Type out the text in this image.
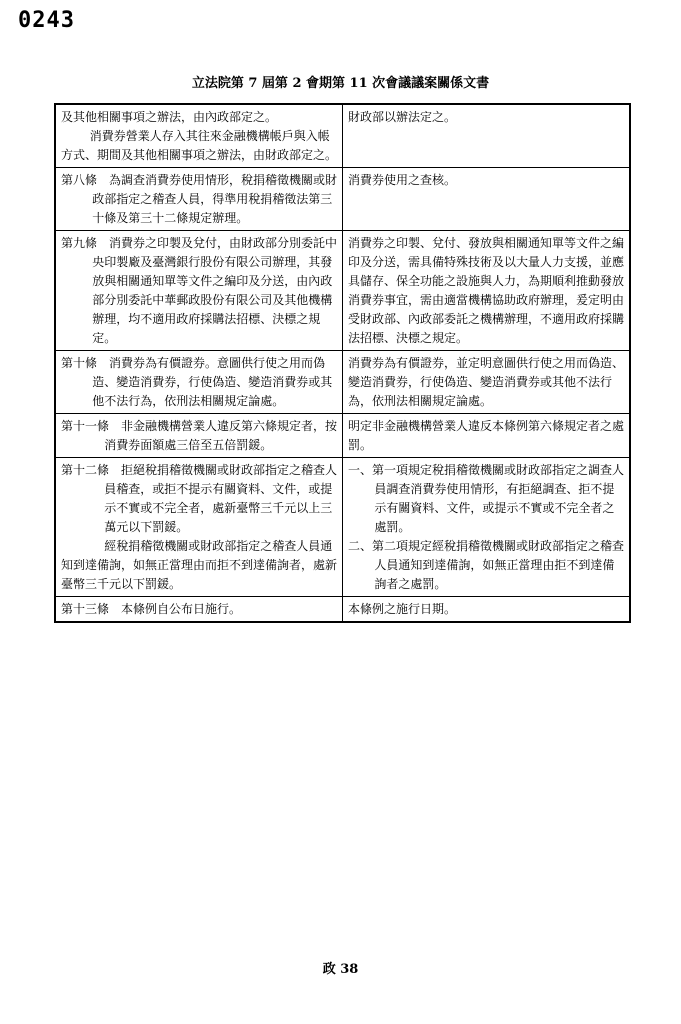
0243
立法院第 7 屆第 2 會期第 11 次會議議案關係文書
及其他相關事項之辦法，由內政部定之。
消費券營業人存入其往來金融機構帳戶與入帳方式、期間及其他相關事項之辦法，由財政部定之。	財政部以辦法定之。

第八條　為調查消費券使用情形，稅捐稽徵機關或財政部指定之稽查人員，得準用稅捐稽徵法第三十條及第三十二條規定辦理。	消費券使用之查核。

第九條　消費券之印製及兌付，由財政部分別委託中央印製廠及臺灣銀行股份有限公司辦理，其發放與相關通知單等文件之編印及分送，由內政部分別委託中華郵政股份有限公司及其他機構辦理，均不適用政府採購法招標、決標之規定。	消費券之印製、兌付、發放與相關通知單等文件之編印及分送，需具備特殊技術及以大量人力支援，並應具儲存、保全功能之設施與人力，為期順利推動發放消費券事宜，需由適當機構協助政府辦理，爰定明由受財政部、內政部委託之機構辦理，不適用政府採購法招標、決標之規定。

第十條　消費券為有價證券。意圖供行使之用而偽造、變造消費券，行使偽造、變造消費券或其他不法行為，依刑法相關規定論處。	消費券為有價證券，並定明意圖供行使之用而偽造、變造消費券，行使偽造、變造消費券或其他不法行為，依刑法相關規定論處。

第十一條　非金融機構營業人違反第六條規定者，按消費券面額處三倍至五倍罰鍰。	明定非金融機構營業人違反本條例第六條規定者之處罰。

第十二條　拒絕稅捐稽徵機關或財政部指定之稽查人員稽查，或拒不提示有關資料、文件，或提示不實或不完全者，處新臺幣三千元以上三萬元以下罰鍰。
經稅捐稽徵機關或財政部指定之稽查人員通知到達備詢，如無正當理由而拒不到達備詢者，處新臺幣三千元以下罰鍰。	一、第一項規定稅捐稽徵機關或財政部指定之調查人員調查消費券使用情形，有拒絕調查、拒不提示有關資料、文件，或提示不實或不完全者之處罰。
二、第二項規定經稅捐稽徵機關或財政部指定之稽查人員通知到達備詢，如無正當理由拒不到達備詢者之處罰。

第十三條　本條例自公布日施行。	本條例之施行日期。
政 38
